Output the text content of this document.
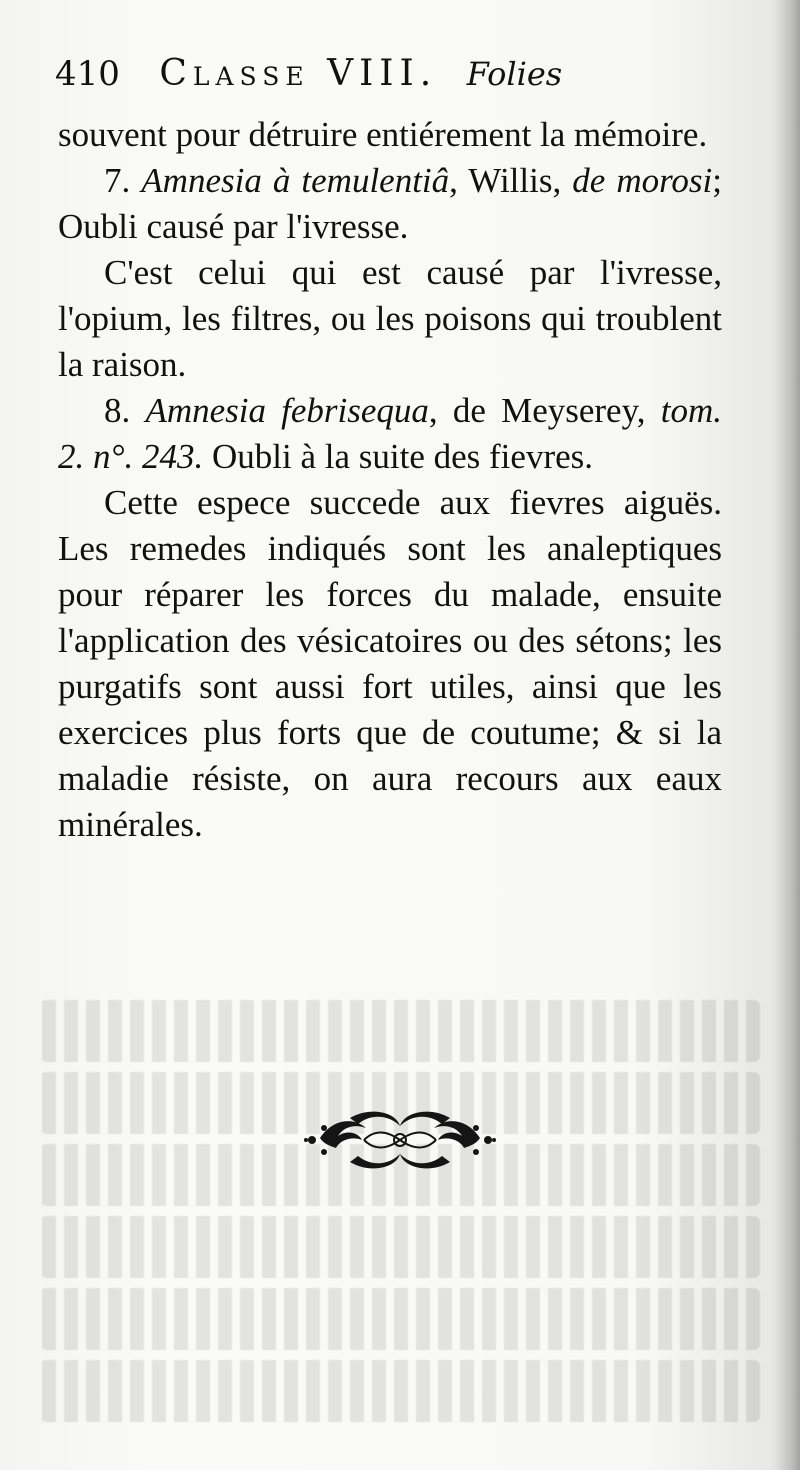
410 Classe VIII. Folies

souvent pour détruire entiérement la mémoire.

7. Amnesia à temulentiâ, Willis, de morosi; Oubli causé par l'ivresse.

C'est celui qui est causé par l'ivresse, l'opium, les filtres, ou les poisons qui troublent la raison.

8. Amnesia febrisequa, de Meyserey, tom. 2. n°. 243. Oubli à la suite des fievres.

Cette espece succede aux fievres aiguës. Les remedes indiqués sont les analeptiques pour réparer les forces du malade, ensuite l'application des vésicatoires ou des sétons; les purgatifs sont aussi fort utiles, ainsi que les exercices plus forts que de coutume; & si la maladie résiste, on aura recours aux eaux minérales.
